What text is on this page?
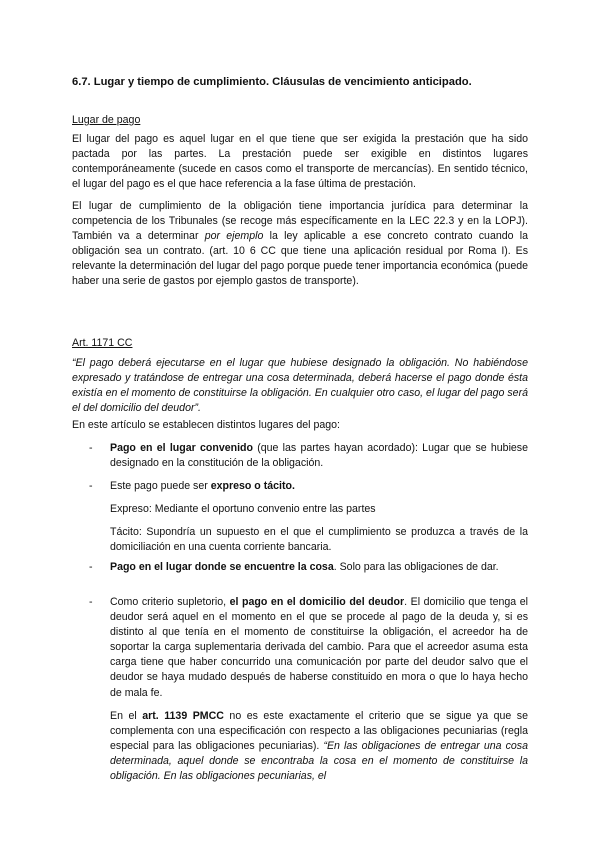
6.7. Lugar y tiempo de cumplimiento. Cláusulas de vencimiento anticipado.
Lugar de pago

El lugar del pago es aquel lugar en el que tiene que ser exigida la prestación que ha sido pactada por las partes. La prestación puede ser exigible en distintos lugares contemporáneamente (sucede en casos como el transporte de mercancías). En sentido técnico, el lugar del pago es el que hace referencia a la fase última de prestación.

El lugar de cumplimiento de la obligación tiene importancia jurídica para determinar la competencia de los Tribunales (se recoge más específicamente en la LEC 22.3 y en la LOPJ). También va a determinar por ejemplo la ley aplicable a ese concreto contrato cuando la obligación sea un contrato. (art. 10 6 CC que tiene una aplicación residual por Roma I). Es relevante la determinación del lugar del pago porque puede tener importancia económica (puede haber una serie de gastos por ejemplo gastos de transporte).

Art. 1171 CC

“El pago deberá ejecutarse en el lugar que hubiese designado la obligación. No habiéndose expresado y tratándose de entregar una cosa determinada, deberá hacerse el pago donde ésta existía en el momento de constituirse la obligación. En cualquier otro caso, el lugar del pago será el del domicilio del deudor”.

En este artículo se establecen distintos lugares del pago:

- Pago en el lugar convenido (que las partes hayan acordado): Lugar que se hubiese designado en la constitución de la obligación.

- Este pago puede ser expreso o tácito.

Expreso: Mediante el oportuno convenio entre las partes

Tácito: Supondría un supuesto en el que el cumplimiento se produzca a través de la domiciliación en una cuenta corriente bancaria.

- Pago en el lugar donde se encuentre la cosa. Solo para las obligaciones de dar.

- Como criterio supletorio, el pago en el domicilio del deudor. El domicilio que tenga el deudor será aquel en el momento en el que se procede al pago de la deuda y, si es distinto al que tenía en el momento de constituirse la obligación, el acreedor ha de soportar la carga suplementaria derivada del cambio. Para que el acreedor asuma esta carga tiene que haber concurrido una comunicación por parte del deudor salvo que el deudor se haya mudado después de haberse constituido en mora o que lo haya hecho de mala fe.

En el art. 1139 PMCC no es este exactamente el criterio que se sigue ya que se complementa con una especificación con respecto a las obligaciones pecuniarias (regla especial para las obligaciones pecuniarias). “En las obligaciones de entregar una cosa determinada, aquel donde se encontraba la cosa en el momento de constituirse la obligación. En las obligaciones pecuniarias, el
